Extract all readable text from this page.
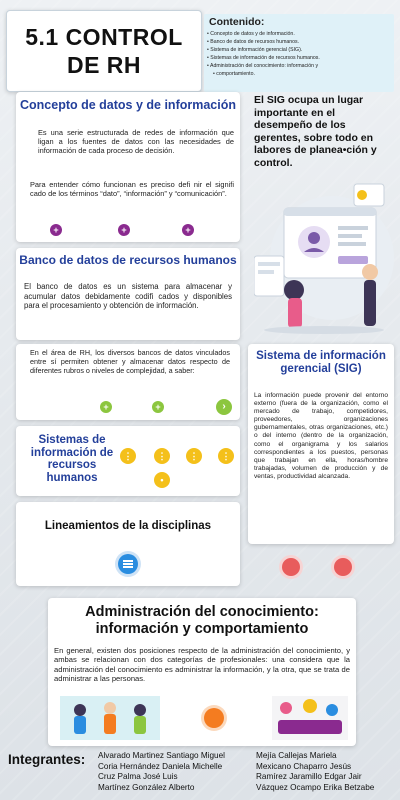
5.1 CONTROL
DE RH
Contenido:
• Concepto de datos y de información.
• Banco de datos de recursos humanos.
• Sistema de información gerencial (SIG).
• Sistemas de información de recursos humanos.
• Administración del conocimiento: información y
• comportamiento.
Concepto de datos y de información
Es una serie estructurada de redes de información que ligan a los fuentes de datos con las necesidades de información de cada proceso de decisión.
Para entender cómo funcionan es preciso defi nir el signifi cado de los términos “dato”, “información” y “comunicación”.
+	+	+
El SIG ocupa un lugar importante en el desempeño de los gerentes, sobre todo en labores de planea•ción y control.
Banco de datos de recursos humanos
El banco de datos es un sistema para almacenar y acumular datos debidamente codifi cados y disponibles para el procesamiento y obtención de información.
En el área de RH, los diversos bancos de datos vinculados entre sí permiten obtener y almacenar datos respecto de diferentes rubros o niveles de complejidad, a saber:
+	+	›
Sistemas de información de recursos humanos
⋮	⋮	⋮	⋮
•
Sistema de información gerencial (SIG)
La información puede provenir del entorno externo (fuera de la organización, como el mercado de trabajo, competidores, proveedores, organizaciones gubernamentales, otras organizaciones, etc.) o del interno (dentro de la organización, como el organigrama y los salarios correspondientes a los puestos, personas que trabajan en ella, horas/hombre trabajadas, volumen de producción y de ventas, productividad alcanzada.
Lineamientos de la disciplinas
Administración del conocimiento: información y comportamiento
En general, existen dos posiciones respecto de la administración del conocimiento, y ambas se relacionan con dos categorías de profesionales: una considera que la administración del conocimiento es administrar la información, y la otra, que se trata de administrar a las personas.
Integrantes: Alvarado Martinez Santiago Miguel
Coria Hernández Daniela Michelle
Cruz Palma José Luis
Martínez González Alberto
Mejía Callejas Mariela
Mexicano Chaparro Jesús
Ramírez Jaramillo Edgar Jair
Vázquez Ocampo Erika Betzabe
